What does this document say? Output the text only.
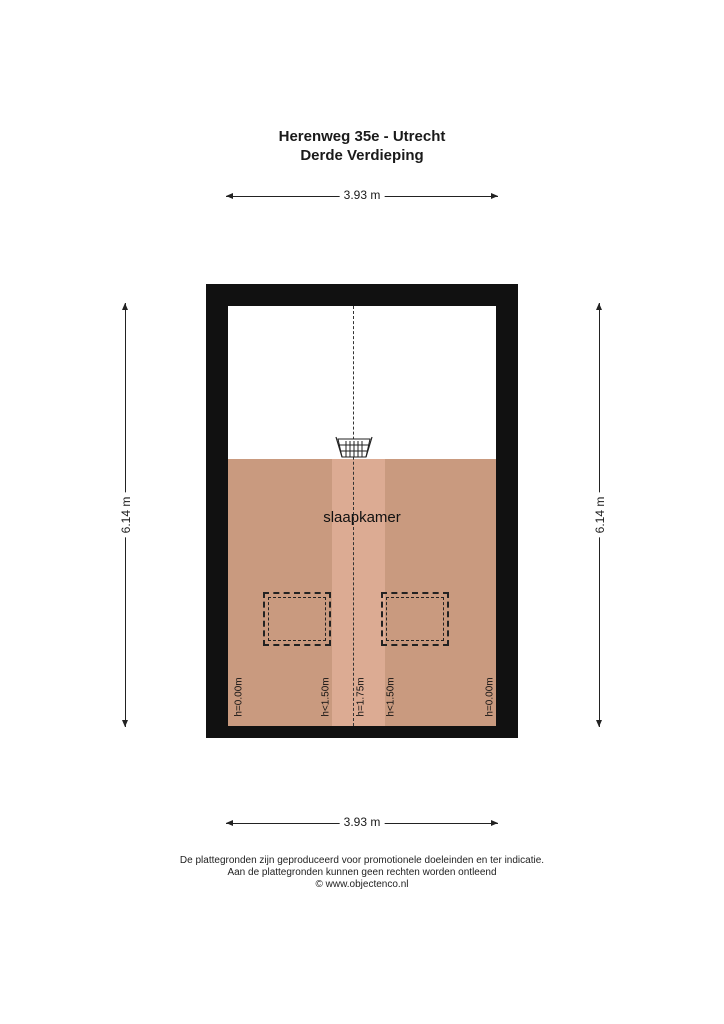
Herenweg 35e - Utrecht
Derde Verdieping
3.93 m
6.14 m	6.14 m
slaapkamer
h=0.00m	h<1.50m h=1.75m h<1.50m	h=0.00m
3.93 m
De plattegronden zijn geproduceerd voor promotionele doeleinden en ter indicatie.
Aan de plattegronden kunnen geen rechten worden ontleend
© www.objectenco.nl
